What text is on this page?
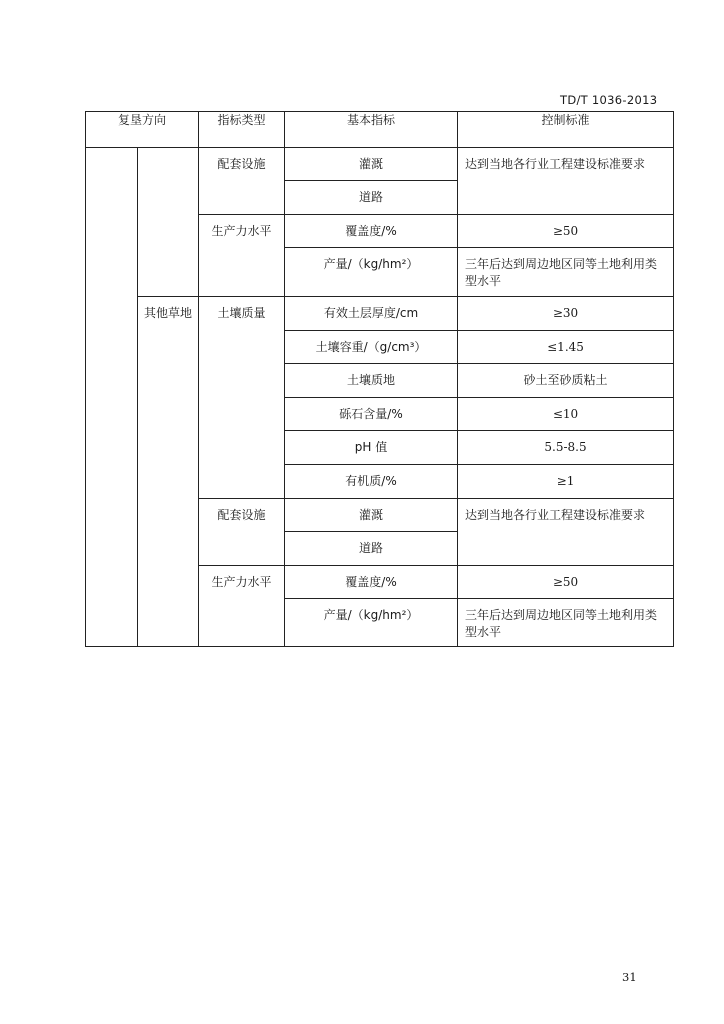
TD/T 1036-2013
复垦方向		指标类型	基本指标	控制标准
		配套设施	灌溉	达到当地各行业工程建设标准要求
			道路	
		生产力水平	覆盖度/%	≥50
			产量/（kg/hm²）	三年后达到周边地区同等土地利用类型水平
	其他草地	土壤质量	有效土层厚度/cm	≥30
			土壤容重/（g/cm³）	≤1.45
			土壤质地	砂土至砂质粘土
			砾石含量/%	≤10
			pH 值	5.5-8.5
			有机质/%	≥1
		配套设施	灌溉	达到当地各行业工程建设标准要求
			道路	
		生产力水平	覆盖度/%	≥50
			产量/（kg/hm²）	三年后达到周边地区同等土地利用类型水平
31
